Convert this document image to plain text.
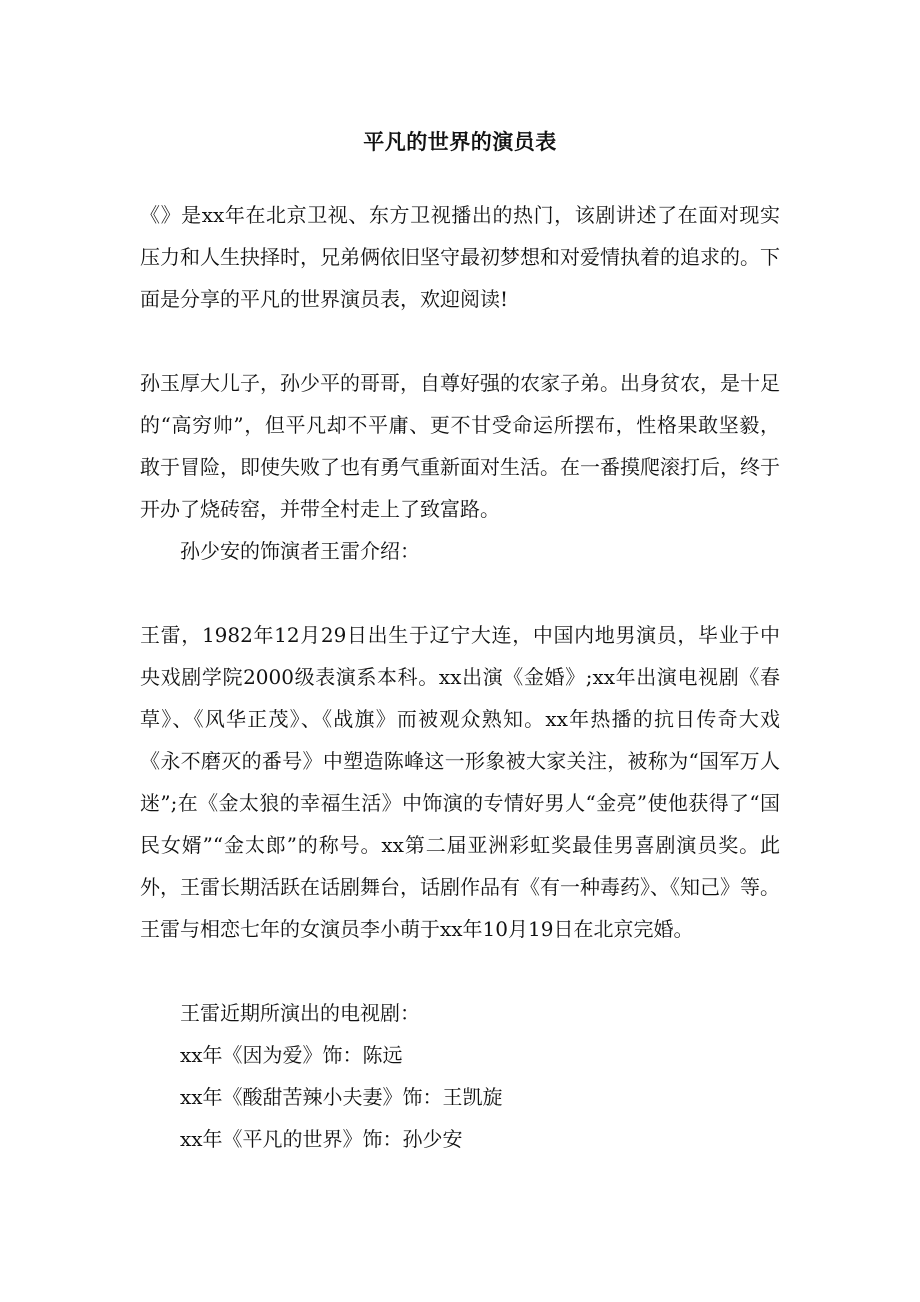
平凡的世界的演员表

《》是xx年在北京卫视、东方卫视播出的热门，该剧讲述了在面对现实压力和人生抉择时，兄弟俩依旧坚守最初梦想和对爱情执着的追求的。下面是分享的平凡的世界演员表，欢迎阅读!

孙玉厚大儿子，孙少平的哥哥，自尊好强的农家子弟。出身贫农，是十足的“高穷帅”，但平凡却不平庸、更不甘受命运所摆布，性格果敢坚毅，敢于冒险，即使失败了也有勇气重新面对生活。在一番摸爬滚打后，终于开办了烧砖窑，并带全村走上了致富路。

孙少安的饰演者王雷介绍：

王雷，1982年12月29日出生于辽宁大连，中国内地男演员，毕业于中央戏剧学院2000级表演系本科。xx出演《金婚》;xx年出演电视剧《春草》、《风华正茂》、《战旗》而被观众熟知。xx年热播的抗日传奇大戏《永不磨灭的番号》中塑造陈峰这一形象被大家关注，被称为“国军万人迷”;在《金太狼的幸福生活》中饰演的专情好男人“金亮”使他获得了“国民女婿”“金太郎”的称号。xx第二届亚洲彩虹奖最佳男喜剧演员奖。此外，王雷长期活跃在话剧舞台，话剧作品有《有一种毒药》、《知己》等。王雷与相恋七年的女演员李小萌于xx年10月19日在北京完婚。

王雷近期所演出的电视剧：

xx年《因为爱》饰：陈远

xx年《酸甜苦辣小夫妻》饰：王凯旋

xx年《平凡的世界》饰：孙少安
